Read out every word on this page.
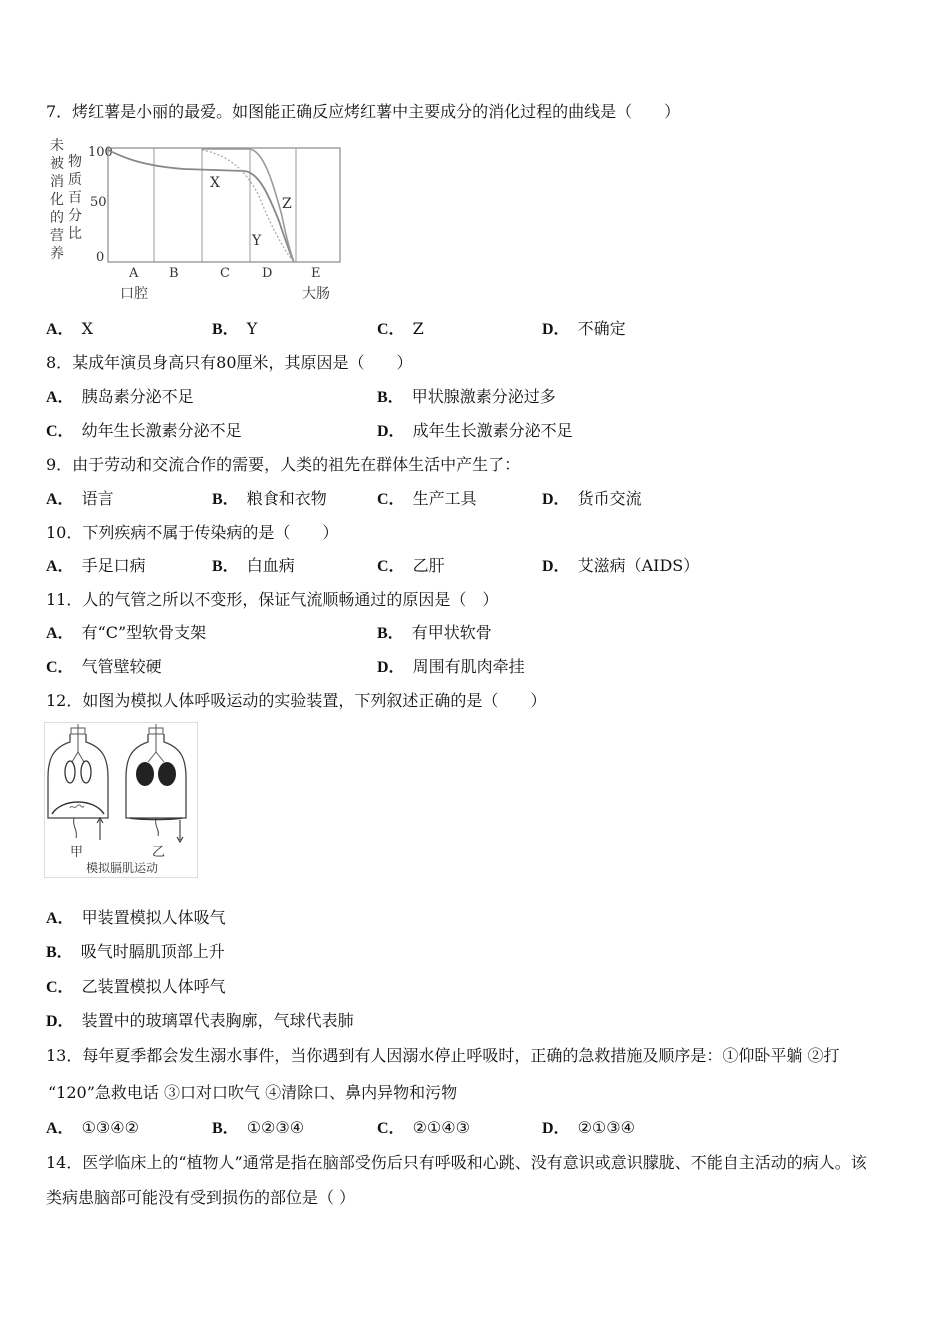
7．烤红薯是小丽的最爱。如图能正确反应烤红薯中主要成分的消化过程的曲线是（　　）
未
被
消
化
的
营
养
物
质
百
分
比
100
50
0
X
Y
Z
A B	C D	E
口腔	大肠
A． X	B． Y	C． Z	D． 不确定
8．某成年演员身高只有80厘米，其原因是（　　）
A． 胰岛素分泌不足	B． 甲状腺激素分泌过多
C． 幼年生长激素分泌不足	D． 成年生长激素分泌不足
9．由于劳动和交流合作的需要，人类的祖先在群体生活中产生了：
A． 语言	B． 粮食和衣物	C． 生产工具	D． 货币交流
10．下列疾病不属于传染病的是（　　）
A． 手足口病	B． 白血病	C． 乙肝	D． 艾滋病（AIDS）
11．人的气管之所以不变形，保证气流顺畅通过的原因是（　）
A． 有“C”型软骨支架	B． 有甲状软骨
C． 气管壁较硬	D． 周围有肌肉牵挂
12．如图为模拟人体呼吸运动的实验装置，下列叙述正确的是（　　）
甲	乙
模拟膈肌运动
A． 甲装置模拟人体吸气
B． 吸气时膈肌顶部上升
C． 乙装置模拟人体呼气
D． 装置中的玻璃罩代表胸廓，气球代表肺
13．每年夏季都会发生溺水事件，当你遇到有人因溺水停止呼吸时，正确的急救措施及顺序是：①仰卧平躺 ②打
“120”急救电话 ③口对口吹气 ④清除口、鼻内异物和污物
A． ①③④②	B． ①②③④	C． ②①④③	D． ②①③④
14．医学临床上的“植物人”通常是指在脑部受伤后只有呼吸和心跳、没有意识或意识朦胧、不能自主活动的病人。该
类病患脑部可能没有受到损伤的部位是（ ）
